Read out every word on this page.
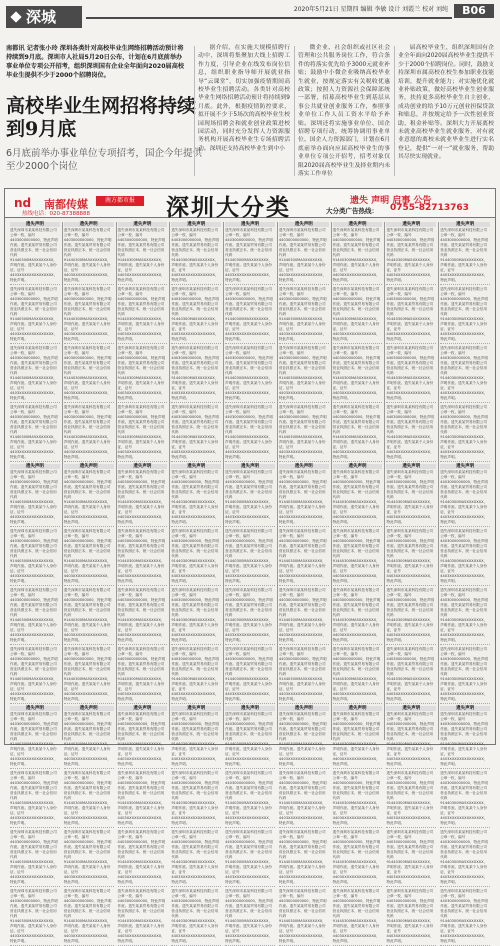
深城	2020年5月21日 星期四 编辑 李敏 设计 刘霞兰 校对 刘纯	B06
南都讯 记者张小玲 深圳各类针对高校毕业生网络招聘活动预计将持续到9月底。深圳市人社局5月20日公布，计划在6月底前举办事业单位专项公开招考，组织深圳国有企业全年面向2020届高校毕业生提供不少于2000个招聘岗位。
高校毕业生网招将持续到9月底
6月底前举办事业单位专项招考，国企今年提供至少2000个岗位

据介绍，在实施大规模招聘行动中，深圳将集聚加大线上招聘工作力度，引导企业在线发布岗位信息，组织职业指导师开展就业指导“云课堂”，切实加强疫情期间高校毕业生招聘活动。各类针对高校毕业生网络招聘活动预计将持续到9月底。此外，根据疫情防控要求，拟开展不少于5场次的高校毕业生校园现场招聘会和就业创业政策进校园活动，同时充分发挥人力资源服务机构开展高校毕业生专场招聘活动。深圳还支持高校毕业生到中小

微企业、社会组织或社区社会管理和公共服务岗位工作，符合条件的将落实优先给予3000元就业补贴；鼓励中小微企业吸纳高校毕业生就业，按规定落实有关税收优惠政策；按照人力资源社会保障部统一部署，招募高校毕业生到基层从事公共就业创业服务工作，参照事业单位工作人员工资水平给予补贴。深圳还将实施事业单位、国企招聘专项行动，统筹协调用事业单位、国企人力资源部门，计划在6月底前举办面向应届高校毕业生的事业单位专项公开招考，招考对象仅限2020届高校毕业生及择业期内未落实工作单位

届高校毕业生，组织深圳国有企业全年面向2020届高校毕业生提供不少于2000个招聘岗位。同时，鼓励支持深圳市属高校在校生参加职业技能培训，提升就业能力；对实施优化就业补贴政策，做好高校毕业生创业服务，扶持更多高校毕业生自主创业，成功创业的给予10万元创业担保贷款和贴息，并按规定给予一次性创业资助、租金补贴等。深圳大力开展离校未就业高校毕业生就业服务，对有就业意愿的离校未就业毕业生进行实名登记，提供“一对一”就业服务，帮助其尽快实现就业。

nd 南都传媒	南方都市报
热线电话：020-87388888	深圳大分类	遗失 声明 启事 公告
大分类广告热线： 0755-82713763
遗失声明
遗失深圳市某某科技有限公司公章一枚，编号4403000000000，特此声明作废。遗失某某贸易有限公司营业执照正本，统一社会信用代码91440300MA5XXXXXXX，声明作废。遗失某某个人身份证，证号4403XXXXXXXXXXXXXX，特此声明。
遗失深圳市某某科技有限公司公章一枚，编号4403000000000，特此声明作废。遗失某某贸易有限公司营业执照正本，统一社会信用代码91440300MA5XXXXXXX，声明作废。遗失某某个人身份证，证号4403XXXXXXXXXXXXXX，特此声明。
遗失深圳市某某科技有限公司公章一枚，编号4403000000000，特此声明作废。遗失某某贸易有限公司营业执照正本，统一社会信用代码91440300MA5XXXXXXX，声明作废。遗失某某个人身份证，证号4403XXXXXXXXXXXXXX，特此声明。
遗失深圳市某某科技有限公司公章一枚，编号4403000000000，特此声明作废。遗失某某贸易有限公司营业执照正本，统一社会信用代码91440300MA5XXXXXXX，声明作废。遗失某某个人身份证，证号4403XXXXXXXXXXXXXX，特此声明。
遗失声明
遗失深圳市某某科技有限公司公章一枚，编号4403000000000，特此声明作废。遗失某某贸易有限公司营业执照正本，统一社会信用代码91440300MA5XXXXXXX，声明作废。遗失某某个人身份证，证号4403XXXXXXXXXXXXXX，特此声明。
遗失深圳市某某科技有限公司公章一枚，编号4403000000000，特此声明作废。遗失某某贸易有限公司营业执照正本，统一社会信用代码91440300MA5XXXXXXX，声明作废。遗失某某个人身份证，证号4403XXXXXXXXXXXXXX，特此声明。
遗失深圳市某某科技有限公司公章一枚，编号4403000000000，特此声明作废。遗失某某贸易有限公司营业执照正本，统一社会信用代码91440300MA5XXXXXXX，声明作废。遗失某某个人身份证，证号4403XXXXXXXXXXXXXX，特此声明。
遗失深圳市某某科技有限公司公章一枚，编号4403000000000，特此声明作废。遗失某某贸易有限公司营业执照正本，统一社会信用代码91440300MA5XXXXXXX，声明作废。遗失某某个人身份证，证号4403XXXXXXXXXXXXXX，特此声明。
遗失声明
遗失深圳市某某科技有限公司公章一枚，编号4403000000000，特此声明作废。遗失某某贸易有限公司营业执照正本，统一社会信用代码91440300MA5XXXXXXX，声明作废。遗失某某个人身份证，证号4403XXXXXXXXXXXXXX，特此声明。
遗失深圳市某某科技有限公司公章一枚，编号4403000000000，特此声明作废。遗失某某贸易有限公司营业执照正本，统一社会信用代码91440300MA5XXXXXXX，声明作废。遗失某某个人身份证，证号4403XXXXXXXXXXXXXX，特此声明。
遗失深圳市某某科技有限公司公章一枚，编号4403000000000，特此声明作废。遗失某某贸易有限公司营业执照正本，统一社会信用代码91440300MA5XXXXXXX，声明作废。遗失某某个人身份证，证号4403XXXXXXXXXXXXXX，特此声明。
遗失深圳市某某科技有限公司公章一枚，编号4403000000000，特此声明作废。遗失某某贸易有限公司营业执照正本，统一社会信用代码91440300MA5XXXXXXX，声明作废。遗失某某个人身份证，证号4403XXXXXXXXXXXXXX，特此声明。
遗失声明
遗失深圳市某某科技有限公司公章一枚，编号4403000000000，特此声明作废。遗失某某贸易有限公司营业执照正本，统一社会信用代码91440300MA5XXXXXXX，声明作废。遗失某某个人身份证，证号4403XXXXXXXXXXXXXX，特此声明。
遗失深圳市某某科技有限公司公章一枚，编号4403000000000，特此声明作废。遗失某某贸易有限公司营业执照正本，统一社会信用代码91440300MA5XXXXXXX，声明作废。遗失某某个人身份证，证号4403XXXXXXXXXXXXXX，特此声明。
遗失深圳市某某科技有限公司公章一枚，编号4403000000000，特此声明作废。遗失某某贸易有限公司营业执照正本，统一社会信用代码91440300MA5XXXXXXX，声明作废。遗失某某个人身份证，证号4403XXXXXXXXXXXXXX，特此声明。
遗失深圳市某某科技有限公司公章一枚，编号4403000000000，特此声明作废。遗失某某贸易有限公司营业执照正本，统一社会信用代码91440300MA5XXXXXXX，声明作废。遗失某某个人身份证，证号4403XXXXXXXXXXXXXX，特此声明。
遗失声明
遗失深圳市某某科技有限公司公章一枚，编号4403000000000，特此声明作废。遗失某某贸易有限公司营业执照正本，统一社会信用代码91440300MA5XXXXXXX，声明作废。遗失某某个人身份证，证号4403XXXXXXXXXXXXXX，特此声明。
遗失深圳市某某科技有限公司公章一枚，编号4403000000000，特此声明作废。遗失某某贸易有限公司营业执照正本，统一社会信用代码91440300MA5XXXXXXX，声明作废。遗失某某个人身份证，证号4403XXXXXXXXXXXXXX，特此声明。
遗失深圳市某某科技有限公司公章一枚，编号4403000000000，特此声明作废。遗失某某贸易有限公司营业执照正本，统一社会信用代码91440300MA5XXXXXXX，声明作废。遗失某某个人身份证，证号4403XXXXXXXXXXXXXX，特此声明。
遗失深圳市某某科技有限公司公章一枚，编号4403000000000，特此声明作废。遗失某某贸易有限公司营业执照正本，统一社会信用代码91440300MA5XXXXXXX，声明作废。遗失某某个人身份证，证号4403XXXXXXXXXXXXXX，特此声明。
遗失声明
遗失深圳市某某科技有限公司公章一枚，编号4403000000000，特此声明作废。遗失某某贸易有限公司营业执照正本，统一社会信用代码91440300MA5XXXXXXX，声明作废。遗失某某个人身份证，证号4403XXXXXXXXXXXXXX，特此声明。
遗失深圳市某某科技有限公司公章一枚，编号4403000000000，特此声明作废。遗失某某贸易有限公司营业执照正本，统一社会信用代码91440300MA5XXXXXXX，声明作废。遗失某某个人身份证，证号4403XXXXXXXXXXXXXX，特此声明。
遗失深圳市某某科技有限公司公章一枚，编号4403000000000，特此声明作废。遗失某某贸易有限公司营业执照正本，统一社会信用代码91440300MA5XXXXXXX，声明作废。遗失某某个人身份证，证号4403XXXXXXXXXXXXXX，特此声明。
遗失深圳市某某科技有限公司公章一枚，编号4403000000000，特此声明作废。遗失某某贸易有限公司营业执照正本，统一社会信用代码91440300MA5XXXXXXX，声明作废。遗失某某个人身份证，证号4403XXXXXXXXXXXXXX，特此声明。
遗失声明
遗失深圳市某某科技有限公司公章一枚，编号4403000000000，特此声明作废。遗失某某贸易有限公司营业执照正本，统一社会信用代码91440300MA5XXXXXXX，声明作废。遗失某某个人身份证，证号4403XXXXXXXXXXXXXX，特此声明。
遗失深圳市某某科技有限公司公章一枚，编号4403000000000，特此声明作废。遗失某某贸易有限公司营业执照正本，统一社会信用代码91440300MA5XXXXXXX，声明作废。遗失某某个人身份证，证号4403XXXXXXXXXXXXXX，特此声明。
遗失深圳市某某科技有限公司公章一枚，编号4403000000000，特此声明作废。遗失某某贸易有限公司营业执照正本，统一社会信用代码91440300MA5XXXXXXX，声明作废。遗失某某个人身份证，证号4403XXXXXXXXXXXXXX，特此声明。
遗失深圳市某某科技有限公司公章一枚，编号4403000000000，特此声明作废。遗失某某贸易有限公司营业执照正本，统一社会信用代码91440300MA5XXXXXXX，声明作废。遗失某某个人身份证，证号4403XXXXXXXXXXXXXX，特此声明。
遗失声明
遗失深圳市某某科技有限公司公章一枚，编号4403000000000，特此声明作废。遗失某某贸易有限公司营业执照正本，统一社会信用代码91440300MA5XXXXXXX，声明作废。遗失某某个人身份证，证号4403XXXXXXXXXXXXXX，特此声明。
遗失深圳市某某科技有限公司公章一枚，编号4403000000000，特此声明作废。遗失某某贸易有限公司营业执照正本，统一社会信用代码91440300MA5XXXXXXX，声明作废。遗失某某个人身份证，证号4403XXXXXXXXXXXXXX，特此声明。
遗失深圳市某某科技有限公司公章一枚，编号4403000000000，特此声明作废。遗失某某贸易有限公司营业执照正本，统一社会信用代码91440300MA5XXXXXXX，声明作废。遗失某某个人身份证，证号4403XXXXXXXXXXXXXX，特此声明。
遗失深圳市某某科技有限公司公章一枚，编号4403000000000，特此声明作废。遗失某某贸易有限公司营业执照正本，统一社会信用代码91440300MA5XXXXXXX，声明作废。遗失某某个人身份证，证号4403XXXXXXXXXXXXXX，特此声明。
遗失声明
遗失深圳市某某科技有限公司公章一枚，编号4403000000000，特此声明作废。遗失某某贸易有限公司营业执照正本，统一社会信用代码91440300MA5XXXXXXX，声明作废。遗失某某个人身份证，证号4403XXXXXXXXXXXXXX，特此声明。
遗失深圳市某某科技有限公司公章一枚，编号4403000000000，特此声明作废。遗失某某贸易有限公司营业执照正本，统一社会信用代码91440300MA5XXXXXXX，声明作废。遗失某某个人身份证，证号4403XXXXXXXXXXXXXX，特此声明。
遗失深圳市某某科技有限公司公章一枚，编号4403000000000，特此声明作废。遗失某某贸易有限公司营业执照正本，统一社会信用代码91440300MA5XXXXXXX，声明作废。遗失某某个人身份证，证号4403XXXXXXXXXXXXXX，特此声明。
遗失深圳市某某科技有限公司公章一枚，编号4403000000000，特此声明作废。遗失某某贸易有限公司营业执照正本，统一社会信用代码91440300MA5XXXXXXX，声明作废。遗失某某个人身份证，证号4403XXXXXXXXXXXXXX，特此声明。
遗失声明
遗失深圳市某某科技有限公司公章一枚，编号4403000000000，特此声明作废。遗失某某贸易有限公司营业执照正本，统一社会信用代码91440300MA5XXXXXXX，声明作废。遗失某某个人身份证，证号4403XXXXXXXXXXXXXX，特此声明。
遗失深圳市某某科技有限公司公章一枚，编号4403000000000，特此声明作废。遗失某某贸易有限公司营业执照正本，统一社会信用代码91440300MA5XXXXXXX，声明作废。遗失某某个人身份证，证号4403XXXXXXXXXXXXXX，特此声明。
遗失深圳市某某科技有限公司公章一枚，编号4403000000000，特此声明作废。遗失某某贸易有限公司营业执照正本，统一社会信用代码91440300MA5XXXXXXX，声明作废。遗失某某个人身份证，证号4403XXXXXXXXXXXXXX，特此声明。
遗失深圳市某某科技有限公司公章一枚，编号4403000000000，特此声明作废。遗失某某贸易有限公司营业执照正本，统一社会信用代码91440300MA5XXXXXXX，声明作废。遗失某某个人身份证，证号4403XXXXXXXXXXXXXX，特此声明。
遗失声明
遗失深圳市某某科技有限公司公章一枚，编号4403000000000，特此声明作废。遗失某某贸易有限公司营业执照正本，统一社会信用代码91440300MA5XXXXXXX，声明作废。遗失某某个人身份证，证号4403XXXXXXXXXXXXXX，特此声明。
遗失深圳市某某科技有限公司公章一枚，编号4403000000000，特此声明作废。遗失某某贸易有限公司营业执照正本，统一社会信用代码91440300MA5XXXXXXX，声明作废。遗失某某个人身份证，证号4403XXXXXXXXXXXXXX，特此声明。
遗失深圳市某某科技有限公司公章一枚，编号4403000000000，特此声明作废。遗失某某贸易有限公司营业执照正本，统一社会信用代码91440300MA5XXXXXXX，声明作废。遗失某某个人身份证，证号4403XXXXXXXXXXXXXX，特此声明。
遗失深圳市某某科技有限公司公章一枚，编号4403000000000，特此声明作废。遗失某某贸易有限公司营业执照正本，统一社会信用代码91440300MA5XXXXXXX，声明作废。遗失某某个人身份证，证号4403XXXXXXXXXXXXXX，特此声明。
遗失声明
遗失深圳市某某科技有限公司公章一枚，编号4403000000000，特此声明作废。遗失某某贸易有限公司营业执照正本，统一社会信用代码91440300MA5XXXXXXX，声明作废。遗失某某个人身份证，证号4403XXXXXXXXXXXXXX，特此声明。
遗失深圳市某某科技有限公司公章一枚，编号4403000000000，特此声明作废。遗失某某贸易有限公司营业执照正本，统一社会信用代码91440300MA5XXXXXXX，声明作废。遗失某某个人身份证，证号4403XXXXXXXXXXXXXX，特此声明。
遗失深圳市某某科技有限公司公章一枚，编号4403000000000，特此声明作废。遗失某某贸易有限公司营业执照正本，统一社会信用代码91440300MA5XXXXXXX，声明作废。遗失某某个人身份证，证号4403XXXXXXXXXXXXXX，特此声明。
遗失深圳市某某科技有限公司公章一枚，编号4403000000000，特此声明作废。遗失某某贸易有限公司营业执照正本，统一社会信用代码91440300MA5XXXXXXX，声明作废。遗失某某个人身份证，证号4403XXXXXXXXXXXXXX，特此声明。
遗失声明
遗失深圳市某某科技有限公司公章一枚，编号4403000000000，特此声明作废。遗失某某贸易有限公司营业执照正本，统一社会信用代码91440300MA5XXXXXXX，声明作废。遗失某某个人身份证，证号4403XXXXXXXXXXXXXX，特此声明。
遗失深圳市某某科技有限公司公章一枚，编号4403000000000，特此声明作废。遗失某某贸易有限公司营业执照正本，统一社会信用代码91440300MA5XXXXXXX，声明作废。遗失某某个人身份证，证号4403XXXXXXXXXXXXXX，特此声明。
遗失深圳市某某科技有限公司公章一枚，编号4403000000000，特此声明作废。遗失某某贸易有限公司营业执照正本，统一社会信用代码91440300MA5XXXXXXX，声明作废。遗失某某个人身份证，证号4403XXXXXXXXXXXXXX，特此声明。
遗失深圳市某某科技有限公司公章一枚，编号4403000000000，特此声明作废。遗失某某贸易有限公司营业执照正本，统一社会信用代码91440300MA5XXXXXXX，声明作废。遗失某某个人身份证，证号4403XXXXXXXXXXXXXX，特此声明。
遗失声明
遗失深圳市某某科技有限公司公章一枚，编号4403000000000，特此声明作废。遗失某某贸易有限公司营业执照正本，统一社会信用代码91440300MA5XXXXXXX，声明作废。遗失某某个人身份证，证号4403XXXXXXXXXXXXXX，特此声明。
遗失深圳市某某科技有限公司公章一枚，编号4403000000000，特此声明作废。遗失某某贸易有限公司营业执照正本，统一社会信用代码91440300MA5XXXXXXX，声明作废。遗失某某个人身份证，证号4403XXXXXXXXXXXXXX，特此声明。
遗失深圳市某某科技有限公司公章一枚，编号4403000000000，特此声明作废。遗失某某贸易有限公司营业执照正本，统一社会信用代码91440300MA5XXXXXXX，声明作废。遗失某某个人身份证，证号4403XXXXXXXXXXXXXX，特此声明。
遗失深圳市某某科技有限公司公章一枚，编号4403000000000，特此声明作废。遗失某某贸易有限公司营业执照正本，统一社会信用代码91440300MA5XXXXXXX，声明作废。遗失某某个人身份证，证号4403XXXXXXXXXXXXXX，特此声明。
遗失声明
遗失深圳市某某科技有限公司公章一枚，编号4403000000000，特此声明作废。遗失某某贸易有限公司营业执照正本，统一社会信用代码91440300MA5XXXXXXX，声明作废。遗失某某个人身份证，证号4403XXXXXXXXXXXXXX，特此声明。
遗失深圳市某某科技有限公司公章一枚，编号4403000000000，特此声明作废。遗失某某贸易有限公司营业执照正本，统一社会信用代码91440300MA5XXXXXXX，声明作废。遗失某某个人身份证，证号4403XXXXXXXXXXXXXX，特此声明。
遗失深圳市某某科技有限公司公章一枚，编号4403000000000，特此声明作废。遗失某某贸易有限公司营业执照正本，统一社会信用代码91440300MA5XXXXXXX，声明作废。遗失某某个人身份证，证号4403XXXXXXXXXXXXXX，特此声明。
遗失深圳市某某科技有限公司公章一枚，编号4403000000000，特此声明作废。遗失某某贸易有限公司营业执照正本，统一社会信用代码91440300MA5XXXXXXX，声明作废。遗失某某个人身份证，证号4403XXXXXXXXXXXXXX，特此声明。
遗失声明
遗失深圳市某某科技有限公司公章一枚，编号4403000000000，特此声明作废。遗失某某贸易有限公司营业执照正本，统一社会信用代码91440300MA5XXXXXXX，声明作废。遗失某某个人身份证，证号4403XXXXXXXXXXXXXX，特此声明。
遗失深圳市某某科技有限公司公章一枚，编号4403000000000，特此声明作废。遗失某某贸易有限公司营业执照正本，统一社会信用代码91440300MA5XXXXXXX，声明作废。遗失某某个人身份证，证号4403XXXXXXXXXXXXXX，特此声明。
遗失深圳市某某科技有限公司公章一枚，编号4403000000000，特此声明作废。遗失某某贸易有限公司营业执照正本，统一社会信用代码91440300MA5XXXXXXX，声明作废。遗失某某个人身份证，证号4403XXXXXXXXXXXXXX，特此声明。
遗失深圳市某某科技有限公司公章一枚，编号4403000000000，特此声明作废。遗失某某贸易有限公司营业执照正本，统一社会信用代码91440300MA5XXXXXXX，声明作废。遗失某某个人身份证，证号4403XXXXXXXXXXXXXX，特此声明。
遗失声明
遗失深圳市某某科技有限公司公章一枚，编号4403000000000，特此声明作废。遗失某某贸易有限公司营业执照正本，统一社会信用代码91440300MA5XXXXXXX，声明作废。遗失某某个人身份证，证号4403XXXXXXXXXXXXXX，特此声明。
遗失深圳市某某科技有限公司公章一枚，编号4403000000000，特此声明作废。遗失某某贸易有限公司营业执照正本，统一社会信用代码91440300MA5XXXXXXX，声明作废。遗失某某个人身份证，证号4403XXXXXXXXXXXXXX，特此声明。
遗失深圳市某某科技有限公司公章一枚，编号4403000000000，特此声明作废。遗失某某贸易有限公司营业执照正本，统一社会信用代码91440300MA5XXXXXXX，声明作废。遗失某某个人身份证，证号4403XXXXXXXXXXXXXX，特此声明。
遗失深圳市某某科技有限公司公章一枚，编号4403000000000，特此声明作废。遗失某某贸易有限公司营业执照正本，统一社会信用代码91440300MA5XXXXXXX，声明作废。遗失某某个人身份证，证号4403XXXXXXXXXXXXXX，特此声明。
遗失声明
遗失深圳市某某科技有限公司公章一枚，编号4403000000000，特此声明作废。遗失某某贸易有限公司营业执照正本，统一社会信用代码91440300MA5XXXXXXX，声明作废。遗失某某个人身份证，证号4403XXXXXXXXXXXXXX，特此声明。
遗失深圳市某某科技有限公司公章一枚，编号4403000000000，特此声明作废。遗失某某贸易有限公司营业执照正本，统一社会信用代码91440300MA5XXXXXXX，声明作废。遗失某某个人身份证，证号4403XXXXXXXXXXXXXX，特此声明。
遗失深圳市某某科技有限公司公章一枚，编号4403000000000，特此声明作废。遗失某某贸易有限公司营业执照正本，统一社会信用代码91440300MA5XXXXXXX，声明作废。遗失某某个人身份证，证号4403XXXXXXXXXXXXXX，特此声明。
遗失深圳市某某科技有限公司公章一枚，编号4403000000000，特此声明作废。遗失某某贸易有限公司营业执照正本，统一社会信用代码91440300MA5XXXXXXX，声明作废。遗失某某个人身份证，证号4403XXXXXXXXXXXXXX，特此声明。
遗失声明
遗失深圳市某某科技有限公司公章一枚，编号4403000000000，特此声明作废。遗失某某贸易有限公司营业执照正本，统一社会信用代码91440300MA5XXXXXXX，声明作废。遗失某某个人身份证，证号4403XXXXXXXXXXXXXX，特此声明。
遗失深圳市某某科技有限公司公章一枚，编号4403000000000，特此声明作废。遗失某某贸易有限公司营业执照正本，统一社会信用代码91440300MA5XXXXXXX，声明作废。遗失某某个人身份证，证号4403XXXXXXXXXXXXXX，特此声明。
遗失深圳市某某科技有限公司公章一枚，编号4403000000000，特此声明作废。遗失某某贸易有限公司营业执照正本，统一社会信用代码91440300MA5XXXXXXX，声明作废。遗失某某个人身份证，证号4403XXXXXXXXXXXXXX，特此声明。
遗失深圳市某某科技有限公司公章一枚，编号4403000000000，特此声明作废。遗失某某贸易有限公司营业执照正本，统一社会信用代码91440300MA5XXXXXXX，声明作废。遗失某某个人身份证，证号4403XXXXXXXXXXXXXX，特此声明。
遗失声明
遗失深圳市某某科技有限公司公章一枚，编号4403000000000，特此声明作废。遗失某某贸易有限公司营业执照正本，统一社会信用代码91440300MA5XXXXXXX，声明作废。遗失某某个人身份证，证号4403XXXXXXXXXXXXXX，特此声明。
遗失深圳市某某科技有限公司公章一枚，编号4403000000000，特此声明作废。遗失某某贸易有限公司营业执照正本，统一社会信用代码91440300MA5XXXXXXX，声明作废。遗失某某个人身份证，证号4403XXXXXXXXXXXXXX，特此声明。
遗失深圳市某某科技有限公司公章一枚，编号4403000000000，特此声明作废。遗失某某贸易有限公司营业执照正本，统一社会信用代码91440300MA5XXXXXXX，声明作废。遗失某某个人身份证，证号4403XXXXXXXXXXXXXX，特此声明。
遗失深圳市某某科技有限公司公章一枚，编号4403000000000，特此声明作废。遗失某某贸易有限公司营业执照正本，统一社会信用代码91440300MA5XXXXXXX，声明作废。遗失某某个人身份证，证号4403XXXXXXXXXXXXXX，特此声明。
遗失声明
遗失深圳市某某科技有限公司公章一枚，编号4403000000000，特此声明作废。遗失某某贸易有限公司营业执照正本，统一社会信用代码91440300MA5XXXXXXX，声明作废。遗失某某个人身份证，证号4403XXXXXXXXXXXXXX，特此声明。
遗失深圳市某某科技有限公司公章一枚，编号4403000000000，特此声明作废。遗失某某贸易有限公司营业执照正本，统一社会信用代码91440300MA5XXXXXXX，声明作废。遗失某某个人身份证，证号4403XXXXXXXXXXXXXX，特此声明。
遗失深圳市某某科技有限公司公章一枚，编号4403000000000，特此声明作废。遗失某某贸易有限公司营业执照正本，统一社会信用代码91440300MA5XXXXXXX，声明作废。遗失某某个人身份证，证号4403XXXXXXXXXXXXXX，特此声明。
遗失深圳市某某科技有限公司公章一枚，编号4403000000000，特此声明作废。遗失某某贸易有限公司营业执照正本，统一社会信用代码91440300MA5XXXXXXX，声明作废。遗失某某个人身份证，证号4403XXXXXXXXXXXXXX，特此声明。
遗失声明
遗失深圳市某某科技有限公司公章一枚，编号4403000000000，特此声明作废。遗失某某贸易有限公司营业执照正本，统一社会信用代码91440300MA5XXXXXXX，声明作废。遗失某某个人身份证，证号4403XXXXXXXXXXXXXX，特此声明。
遗失深圳市某某科技有限公司公章一枚，编号4403000000000，特此声明作废。遗失某某贸易有限公司营业执照正本，统一社会信用代码91440300MA5XXXXXXX，声明作废。遗失某某个人身份证，证号4403XXXXXXXXXXXXXX，特此声明。
遗失深圳市某某科技有限公司公章一枚，编号4403000000000，特此声明作废。遗失某某贸易有限公司营业执照正本，统一社会信用代码91440300MA5XXXXXXX，声明作废。遗失某某个人身份证，证号4403XXXXXXXXXXXXXX，特此声明。
遗失深圳市某某科技有限公司公章一枚，编号4403000000000，特此声明作废。遗失某某贸易有限公司营业执照正本，统一社会信用代码91440300MA5XXXXXXX，声明作废。遗失某某个人身份证，证号4403XXXXXXXXXXXXXX，特此声明。
遗失声明
遗失深圳市某某科技有限公司公章一枚，编号4403000000000，特此声明作废。遗失某某贸易有限公司营业执照正本，统一社会信用代码91440300MA5XXXXXXX，声明作废。遗失某某个人身份证，证号4403XXXXXXXXXXXXXX，特此声明。
遗失深圳市某某科技有限公司公章一枚，编号4403000000000，特此声明作废。遗失某某贸易有限公司营业执照正本，统一社会信用代码91440300MA5XXXXXXX，声明作废。遗失某某个人身份证，证号4403XXXXXXXXXXXXXX，特此声明。
遗失深圳市某某科技有限公司公章一枚，编号4403000000000，特此声明作废。遗失某某贸易有限公司营业执照正本，统一社会信用代码91440300MA5XXXXXXX，声明作废。遗失某某个人身份证，证号4403XXXXXXXXXXXXXX，特此声明。
遗失深圳市某某科技有限公司公章一枚，编号4403000000000，特此声明作废。遗失某某贸易有限公司营业执照正本，统一社会信用代码91440300MA5XXXXXXX，声明作废。遗失某某个人身份证，证号4403XXXXXXXXXXXXXX，特此声明。
遗失声明
遗失深圳市某某科技有限公司公章一枚，编号4403000000000，特此声明作废。遗失某某贸易有限公司营业执照正本，统一社会信用代码91440300MA5XXXXXXX，声明作废。遗失某某个人身份证，证号4403XXXXXXXXXXXXXX，特此声明。
遗失深圳市某某科技有限公司公章一枚，编号4403000000000，特此声明作废。遗失某某贸易有限公司营业执照正本，统一社会信用代码91440300MA5XXXXXXX，声明作废。遗失某某个人身份证，证号4403XXXXXXXXXXXXXX，特此声明。
遗失深圳市某某科技有限公司公章一枚，编号4403000000000，特此声明作废。遗失某某贸易有限公司营业执照正本，统一社会信用代码91440300MA5XXXXXXX，声明作废。遗失某某个人身份证，证号4403XXXXXXXXXXXXXX，特此声明。
遗失深圳市某某科技有限公司公章一枚，编号4403000000000，特此声明作废。遗失某某贸易有限公司营业执照正本，统一社会信用代码91440300MA5XXXXXXX，声明作废。遗失某某个人身份证，证号4403XXXXXXXXXXXXXX，特此声明。
遗失声明
遗失深圳市某某科技有限公司公章一枚，编号4403000000000，特此声明作废。遗失某某贸易有限公司营业执照正本，统一社会信用代码91440300MA5XXXXXXX，声明作废。遗失某某个人身份证，证号4403XXXXXXXXXXXXXX，特此声明。
遗失深圳市某某科技有限公司公章一枚，编号4403000000000，特此声明作废。遗失某某贸易有限公司营业执照正本，统一社会信用代码91440300MA5XXXXXXX，声明作废。遗失某某个人身份证，证号4403XXXXXXXXXXXXXX，特此声明。
遗失深圳市某某科技有限公司公章一枚，编号4403000000000，特此声明作废。遗失某某贸易有限公司营业执照正本，统一社会信用代码91440300MA5XXXXXXX，声明作废。遗失某某个人身份证，证号4403XXXXXXXXXXXXXX，特此声明。
遗失深圳市某某科技有限公司公章一枚，编号4403000000000，特此声明作废。遗失某某贸易有限公司营业执照正本，统一社会信用代码91440300MA5XXXXXXX，声明作废。遗失某某个人身份证，证号4403XXXXXXXXXXXXXX，特此声明。
遗失声明
遗失深圳市某某科技有限公司公章一枚，编号4403000000000，特此声明作废。遗失某某贸易有限公司营业执照正本，统一社会信用代码91440300MA5XXXXXXX，声明作废。遗失某某个人身份证，证号4403XXXXXXXXXXXXXX，特此声明。
遗失深圳市某某科技有限公司公章一枚，编号4403000000000，特此声明作废。遗失某某贸易有限公司营业执照正本，统一社会信用代码91440300MA5XXXXXXX，声明作废。遗失某某个人身份证，证号4403XXXXXXXXXXXXXX，特此声明。
遗失深圳市某某科技有限公司公章一枚，编号4403000000000，特此声明作废。遗失某某贸易有限公司营业执照正本，统一社会信用代码91440300MA5XXXXXXX，声明作废。遗失某某个人身份证，证号4403XXXXXXXXXXXXXX，特此声明。
遗失深圳市某某科技有限公司公章一枚，编号4403000000000，特此声明作废。遗失某某贸易有限公司营业执照正本，统一社会信用代码91440300MA5XXXXXXX，声明作废。遗失某某个人身份证，证号4403XXXXXXXXXXXXXX，特此声明。
遗失声明
遗失深圳市某某科技有限公司公章一枚，编号4403000000000，特此声明作废。遗失某某贸易有限公司营业执照正本，统一社会信用代码91440300MA5XXXXXXX，声明作废。遗失某某个人身份证，证号4403XXXXXXXXXXXXXX，特此声明。
遗失深圳市某某科技有限公司公章一枚，编号4403000000000，特此声明作废。遗失某某贸易有限公司营业执照正本，统一社会信用代码91440300MA5XXXXXXX，声明作废。遗失某某个人身份证，证号4403XXXXXXXXXXXXXX，特此声明。
遗失深圳市某某科技有限公司公章一枚，编号4403000000000，特此声明作废。遗失某某贸易有限公司营业执照正本，统一社会信用代码91440300MA5XXXXXXX，声明作废。遗失某某个人身份证，证号4403XXXXXXXXXXXXXX，特此声明。
遗失深圳市某某科技有限公司公章一枚，编号4403000000000，特此声明作废。遗失某某贸易有限公司营业执照正本，统一社会信用代码91440300MA5XXXXXXX，声明作废。遗失某某个人身份证，证号4403XXXXXXXXXXXXXX，特此声明。
